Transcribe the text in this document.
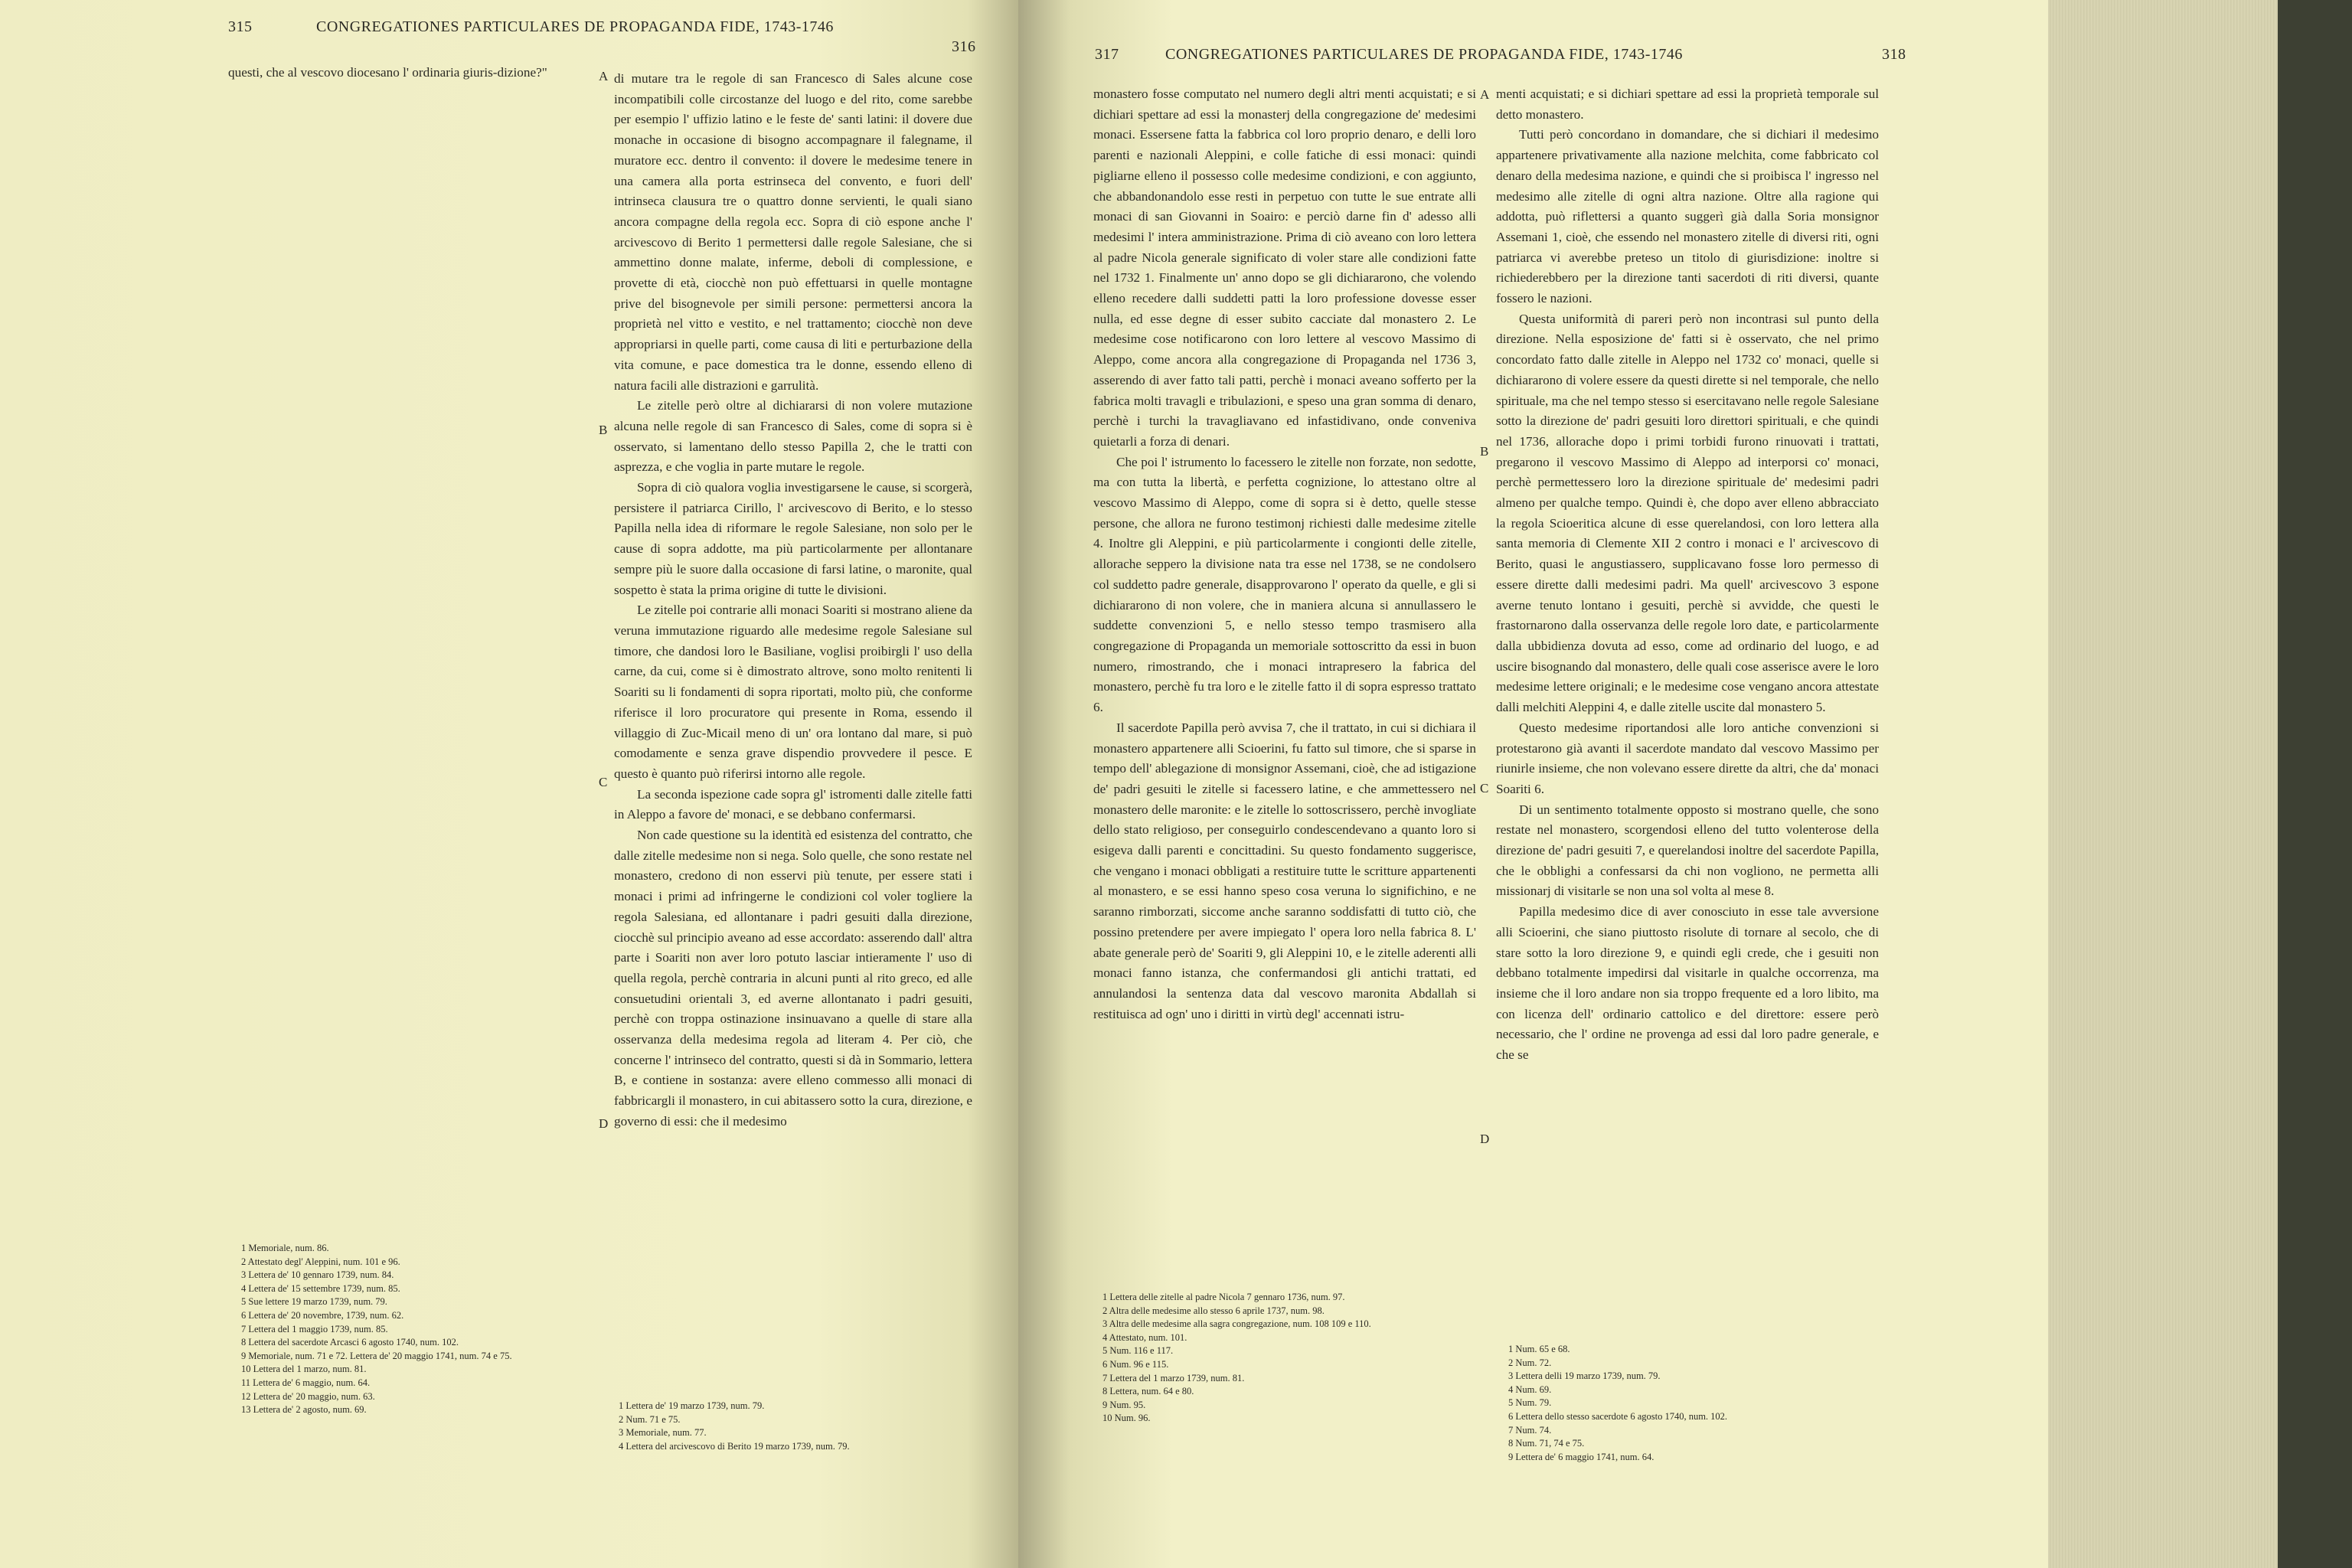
315	CONGREGATIONES PARTICULARES DE PROPAGANDA FIDE, 1743-1746
316

questi, che al vescovo diocesano l' ordinaria giuris-dizione?"	A
B
C
D

di mutare tra le regole di san Francesco di Sales alcune cose incompatibili colle circostanze del luogo e del rito, come sarebbe per esempio l' uffizio latino e le feste de' santi latini: il dovere due monache in occasione di bisogno accompagnare il falegname, il muratore ecc. dentro il convento: il dovere le medesime tenere in una camera alla porta estrinseca del convento, e fuori dell' intrinseca clausura tre o quattro donne servienti, le quali siano ancora compagne della regola ecc. Sopra di ciò espone anche l' arcivescovo di Berito 1 permettersi dalle regole Salesiane, che si ammettino donne malate, inferme, deboli di complessione, e provette di età, ciocchè non può effettuarsi in quelle montagne prive del bisognevole per simili persone: permettersi ancora la proprietà nel vitto e vestito, e nel trattamento; ciocchè non deve appropriarsi in quelle parti, come causa di liti e perturbazione della vita comune, e pace domestica tra le donne, essendo elleno di natura facili alle distrazioni e garrulità.

Le zitelle però oltre al dichiararsi di non volere mutazione alcuna nelle regole di san Francesco di Sales, come di sopra si è osservato, si lamentano dello stesso Papilla 2, che le tratti con asprezza, e che voglia in parte mutare le regole.

Sopra di ciò qualora voglia investigarsene le cause, si scorgerà, persistere il patriarca Cirillo, l' arcivescovo di Berito, e lo stesso Papilla nella idea di riformare le regole Salesiane, non solo per le cause di sopra addotte, ma più particolarmente per allontanare sempre più le suore dalla occasione di farsi latine, o maronite, qual sospetto è stata la prima origine di tutte le divisioni.

Le zitelle poi contrarie alli monaci Soariti si mostrano aliene da veruna immutazione riguardo alle medesime regole Salesiane sul timore, che dandosi loro le Basiliane, voglisi proibirgli l' uso della carne, da cui, come si è dimostrato altrove, sono molto renitenti li Soariti su li fondamenti di sopra riportati, molto più, che conforme riferisce il loro procuratore qui presente in Roma, essendo il villaggio di Zuc-Micail meno di un' ora lontano dal mare, si può comodamente e senza grave dispendio provvedere il pesce. E questo è quanto può riferirsi intorno alle regole.

La seconda ispezione cade sopra gl' istromenti dalle zitelle fatti in Aleppo a favore de' monaci, e se debbano confermarsi.

Non cade questione su la identità ed esistenza del contratto, che dalle zitelle medesime non si nega. Solo quelle, che sono restate nel monastero, credono di non esservi più tenute, per essere stati i monaci i primi ad infringerne le condizioni col voler togliere la regola Salesiana, ed allontanare i padri gesuiti dalla direzione, ciocchè sul principio aveano ad esse accordato: asserendo dall' altra parte i Soariti non aver loro potuto lasciar intieramente l' uso di quella regola, perchè contraria in alcuni punti al rito greco, ed alle consuetudini orientali 3, ed averne allontanato i padri gesuiti, perchè con troppa ostinazione insinuavano a quelle di stare alla osservanza della medesima regola ad literam 4. Per ciò, che concerne l' intrinseco del contratto, questi si dà in Sommario, lettera B, e contiene in sostanza: avere elleno commesso alli monaci di fabbricargli il monastero, in cui abitassero sotto la cura, direzione, e governo di essi: che il medesimo

1 Memoriale, num. 86.
2 Attestato degl' Aleppini, num. 101 e 96.
3 Lettera de' 10 gennaro 1739, num. 84.
4 Lettera de' 15 settembre 1739, num. 85.
5 Sue lettere 19 marzo 1739, num. 79.
6 Lettera de' 20 novembre, 1739, num. 62.
7 Lettera del 1 maggio 1739, num. 85.
8 Lettera del sacerdote Arcasci 6 agosto 1740, num. 102.
9 Memoriale, num. 71 e 72. Lettera de' 20 maggio 1741, num. 74 e 75.
10 Lettera del 1 marzo, num. 81.
11 Lettera de' 6 maggio, num. 64.
12 Lettera de' 20 maggio, num. 63.
13 Lettera de' 2 agosto, num. 69.	1 Lettera de' 19 marzo 1739, num. 79.
2 Num. 71 e 75.
3 Memoriale, num. 77.
4 Lettera del arcivescovo di Berito 19 marzo 1739, num. 79.
317	CONGREGATIONES PARTICULARES DE PROPAGANDA FIDE, 1743-1746	318

monastero fosse computato nel numero degli altri menti acquistati; e si dichiari spettare ad essi la monasterj della congregazione de' medesimi monaci. Essersene fatta la fabbrica col loro proprio denaro, e delli loro parenti e nazionali Aleppini, e colle fatiche di essi monaci: quindi pigliarne elleno il possesso colle medesime condizioni, e con aggiunto, che abbandonandolo esse resti in perpetuo con tutte le sue entrate alli monaci di san Giovanni in Soairo: e perciò darne fin d' adesso alli medesimi l' intera amministrazione. Prima di ciò aveano con loro lettera al padre Nicola generale significato di voler stare alle condizioni fatte nel 1732 1. Finalmente un' anno dopo se gli dichiararono, che volendo elleno recedere dalli suddetti patti la loro professione dovesse esser nulla, ed esse degne di esser subito cacciate dal monastero 2. Le medesime cose notificarono con loro lettere al vescovo Massimo di Aleppo, come ancora alla congregazione di Propaganda nel 1736 3, asserendo di aver fatto tali patti, perchè i monaci aveano sofferto per la fabrica molti travagli e tribulazioni, e speso una gran somma di denaro, perchè i turchi la travagliavano ed infastidivano, onde conveniva quietarli a forza di denari.

Che poi l' istrumento lo facessero le zitelle non forzate, non sedotte, ma con tutta la libertà, e perfetta cognizione, lo attestano oltre al vescovo Massimo di Aleppo, come di sopra si è detto, quelle stesse persone, che allora ne furono testimonj richiesti dalle medesime zitelle 4. Inoltre gli Aleppini, e più particolarmente i congionti delle zitelle, allorache seppero la divisione nata tra esse nel 1738, se ne condolsero col suddetto padre generale, disapprovarono l' operato da quelle, e gli si dichiararono di non volere, che in maniera alcuna si annullassero le suddette convenzioni 5, e nello stesso tempo trasmisero alla congregazione di Propaganda un memoriale sottoscritto da essi in buon numero, rimostrando, che i monaci intrapresero la fabrica del monastero, perchè fu tra loro e le zitelle fatto il di sopra espresso trattato 6.

Il sacerdote Papilla però avvisa 7, che il trattato, in cui si dichiara il monastero appartenere alli Scioerini, fu fatto sul timore, che si sparse in tempo dell' ablegazione di monsignor Assemani, cioè, che ad istigazione de' padri gesuiti le zitelle si facessero latine, e che ammettessero nel monastero delle maronite: e le zitelle lo sottoscrissero, perchè invogliate dello stato religioso, per conseguirlo condescendevano a quanto loro si esigeva dalli parenti e concittadini. Su questo fondamento suggerisce, che vengano i monaci obbligati a restituire tutte le scritture appartenenti al monastero, e se essi hanno speso cosa veruna lo significhino, e ne saranno rimborzati, siccome anche saranno soddisfatti di tutto ciò, che possino pretendere per avere impiegato l' opera loro nella fabrica 8. L' abate generale però de' Soariti 9, gli Aleppini 10, e le zitelle aderenti alli monaci fanno istanza, che confermandosi gli antichi trattati, ed annulandosi la sentenza data dal vescovo maronita Abdallah si restituisca ad ogn' uno i diritti in virtù degl' accennati istru-

A
B
C
D

menti acquistati; e si dichiari spettare ad essi la proprietà temporale sul detto monastero.

Tutti però concordano in domandare, che si dichiari il medesimo appartenere privativamente alla nazione melchita, come fabbricato col denaro della medesima nazione, e quindi che si proibisca l' ingresso nel medesimo alle zitelle di ogni altra nazione. Oltre alla ragione qui addotta, può riflettersi a quanto suggerì già dalla Soria monsignor Assemani 1, cioè, che essendo nel monastero zitelle di diversi riti, ogni patriarca vi averebbe preteso un titolo di giurisdizione: inoltre si richiederebbero per la direzione tanti sacerdoti di riti diversi, quante fossero le nazioni.

Questa uniformità di pareri però non incontrasi sul punto della direzione. Nella esposizione de' fatti si è osservato, che nel primo concordato fatto dalle zitelle in Aleppo nel 1732 co' monaci, quelle si dichiararono di volere essere da questi dirette si nel temporale, che nello spirituale, ma che nel tempo stesso si esercitavano nelle regole Salesiane sotto la direzione de' padri gesuiti loro direttori spirituali, e che quindi nel 1736, allorache dopo i primi torbidi furono rinuovati i trattati, pregarono il vescovo Massimo di Aleppo ad interporsi co' monaci, perchè permettessero loro la direzione spirituale de' medesimi padri almeno per qualche tempo. Quindi è, che dopo aver elleno abbracciato la regola Scioeritica alcune di esse querelandosi, con loro lettera alla santa memoria di Clemente XII 2 contro i monaci e l' arcivescovo di Berito, quasi le angustiassero, supplicavano fosse loro permesso di essere dirette dalli medesimi padri. Ma quell' arcivescovo 3 espone averne tenuto lontano i gesuiti, perchè si avvidde, che questi le frastornarono dalla osservanza delle regole loro date, e particolarmente dalla ubbidienza dovuta ad esso, come ad ordinario del luogo, e ad uscire bisognando dal monastero, delle quali cose asserisce avere le loro medesime lettere originali; e le medesime cose vengano ancora attestate dalli melchiti Aleppini 4, e dalle zitelle uscite dal monastero 5.

Questo medesime riportandosi alle loro antiche convenzioni si protestarono già avanti il sacerdote mandato dal vescovo Massimo per riunirle insieme, che non volevano essere dirette da altri, che da' monaci Soariti 6.

Di un sentimento totalmente opposto si mostrano quelle, che sono restate nel monastero, scorgendosi elleno del tutto volenterose della direzione de' padri gesuiti 7, e querelandosi inoltre del sacerdote Papilla, che le obblighi a confessarsi da chi non vogliono, ne permetta alli missionarj di visitarle se non una sol volta al mese 8.

Papilla medesimo dice di aver conosciuto in esse tale avversione alli Scioerini, che siano piuttosto risolute di tornare al secolo, che di stare sotto la loro direzione 9, e quindi egli crede, che i gesuiti non debbano totalmente impedirsi dal visitarle in qualche occorrenza, ma insieme che il loro andare non sia troppo frequente ed a loro libito, ma con licenza dell' ordinario cattolico e del direttore: essere però necessario, che l' ordine ne provenga ad essi dal loro padre generale, e che se

1 Lettera delle zitelle al padre Nicola 7 gennaro 1736, num. 97.
2 Altra delle medesime allo stesso 6 aprile 1737, num. 98.
3 Altra delle medesime alla sagra congregazione, num. 108 109 e 110.
4 Attestato, num. 101.
5 Num. 116 e 117.
6 Num. 96 e 115.
7 Lettera del 1 marzo 1739, num. 81.
8 Lettera, num. 64 e 80.
9 Num. 95.
10 Num. 96.
1 Num. 65 e 68.
2 Num. 72.
3 Lettera delli 19 marzo 1739, num. 79.
4 Num. 69.
5 Num. 79.
6 Lettera dello stesso sacerdote 6 agosto 1740, num. 102.
7 Num. 74.
8 Num. 71, 74 e 75.
9 Lettera de' 6 maggio 1741, num. 64.
